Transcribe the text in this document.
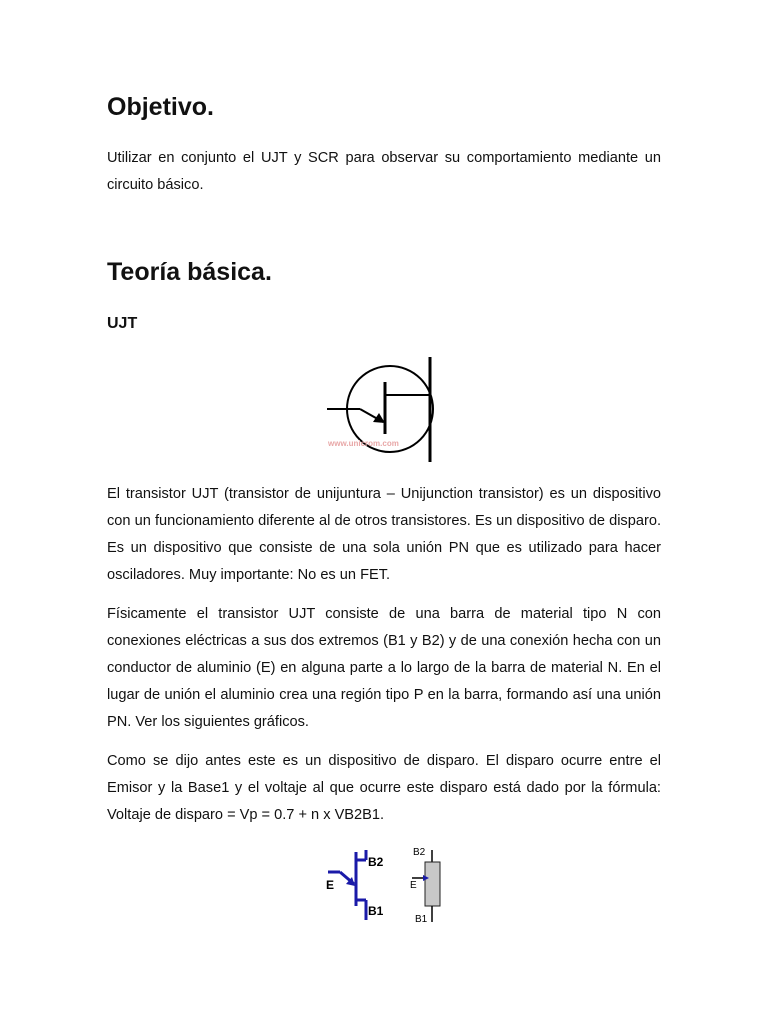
Objetivo.

Utilizar en conjunto el UJT y SCR para observar su comportamiento mediante un circuito básico.

Teoría básica.
UJT
www.unicrom.com

El transistor UJT (transistor de unijuntura – Unijunction transistor) es un dispositivo con un funcionamiento diferente al de otros transistores. Es un dispositivo de disparo. Es un dispositivo que consiste de una sola unión PN que es utilizado para hacer osciladores. Muy importante: No es un FET.

Físicamente el transistor UJT consiste de una barra de material tipo N con conexiones eléctricas a sus dos extremos (B1 y B2) y de una conexión hecha con un conductor de aluminio (E) en alguna parte a lo largo de la barra de material N. En el lugar de unión el aluminio crea una región tipo P en la barra, formando así una unión PN. Ver los siguientes gráficos.

Como se dijo antes este es un dispositivo de disparo. El disparo ocurre entre el Emisor y la Base1 y el voltaje al que ocurre este disparo está dado por la fórmula: Voltaje de disparo = Vp = 0.7 + n x VB2B1.

B2
B1
E
B2
E
B1
